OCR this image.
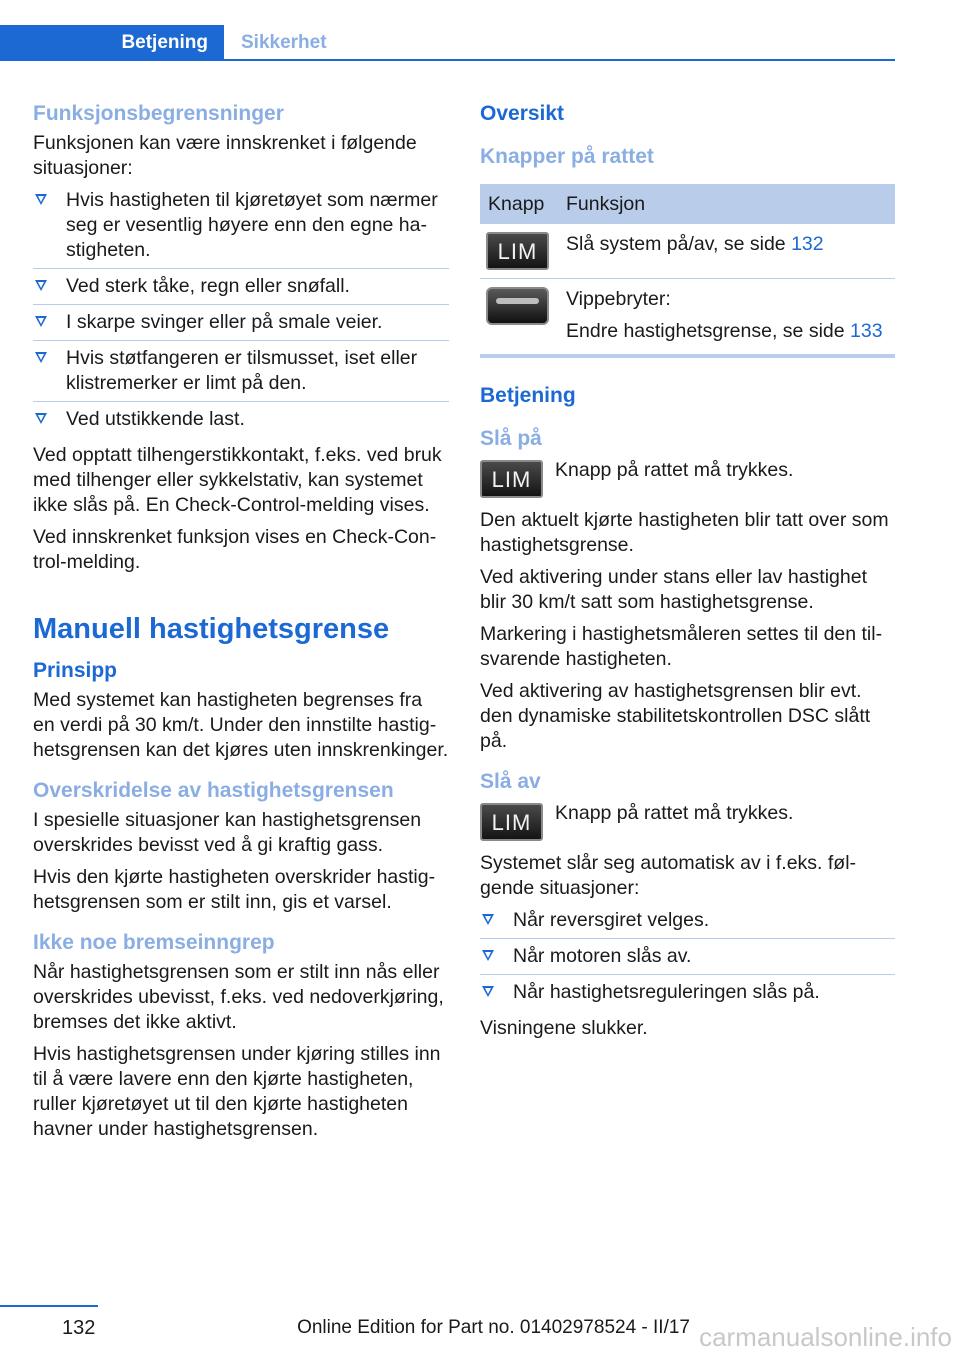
Betjening	Sikkerhet
Funksjonsbegrensninger

Funksjonen kan være innskrenket i følgende situasjoner:

Hvis hastigheten til kjøretøyet som nærmer seg er vesentlig høyere enn den egne hastigheten.
Ved sterk tåke, regn eller snøfall.
I skarpe svinger eller på smale veier.
Hvis støtfangeren er tilsmusset, iset eller klistremerker er limt på den.
Ved utstikkende last.

Ved opptatt tilhengerstikkontakt, f.eks. ved bruk med tilhenger eller sykkelstativ, kan systemet ikke slås på. En Check-Control-melding vises.

Ved innskrenket funksjon vises en Check-Control-melding.

Manuell hastighetsgrense
Prinsipp

Med systemet kan hastigheten begrenses fra en verdi på 30 km/t. Under den innstilte hastighetsgrensen kan det kjøres uten innskrenkinger.

Overskridelse av hastighetsgrensen

I spesielle situasjoner kan hastighetsgrensen overskrides bevisst ved å gi kraftig gass.

Hvis den kjørte hastigheten overskrider hastighetsgrensen som er stilt inn, gis et varsel.

Ikke noe bremseinngrep

Når hastighetsgrensen som er stilt inn nås eller overskrides ubevisst, f.eks. ved nedoverkjøring, bremses det ikke aktivt.

Hvis hastighetsgrensen under kjøring stilles inn til å være lavere enn den kjørte hastigheten, ruller kjøretøyet ut til den kjørte hastigheten havner under hastighetsgrensen.

Oversikt
Knapper på rattet
Knapp	Funksjon

LIM	Slå system på/av, se side 132

	Vippebryter:

Endre hastighetsgrense, se side 133
Betjening
Slå på
LIM	Knapp på rattet må trykkes.

Den aktuelt kjørte hastigheten blir tatt over som hastighetsgrense.

Ved aktivering under stans eller lav hastighet blir 30 km/t satt som hastighetsgrense.

Markering i hastighetsmåleren settes til den tilsvarende hastigheten.

Ved aktivering av hastighetsgrensen blir evt. den dynamiske stabilitetskontrollen DSC slått på.

Slå av
LIM	Knapp på rattet må trykkes.

Systemet slår seg automatisk av i f.eks. følgende situasjoner:

Når reversgiret velges.
Når motoren slås av.
Når hastighetsreguleringen slås på.

Visningene slukker.

132	Online Edition for Part no. 01402978524 - II/17 carmanualsonline.info
